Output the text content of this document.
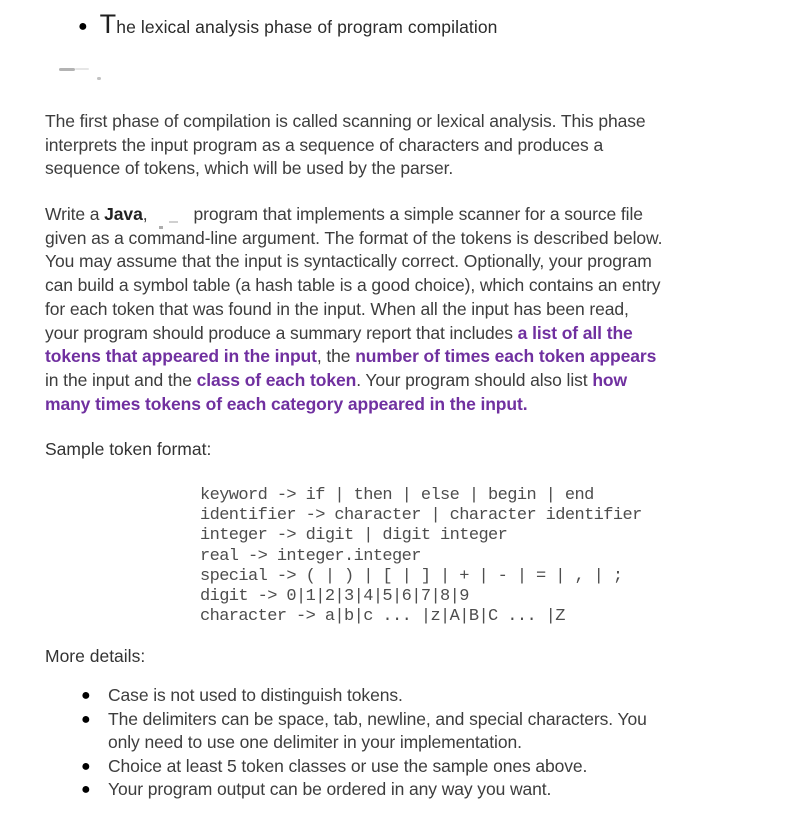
● The lexical analysis phase of program compilation
The first phase of compilation is called scanning or lexical analysis. This phase
interprets the input program as a sequence of characters and produces a
sequence of tokens, which will be used by the parser.
Write a Java,	program that implements a simple scanner for a source file
given as a command-line argument. The format of the tokens is described below.
You may assume that the input is syntactically correct. Optionally, your program
can build a symbol table (a hash table is a good choice), which contains an entry
for each token that was found in the input. When all the input has been read,
your program should produce a summary report that includes a list of all the
tokens that appeared in the input, the number of times each token appears
in the input and the class of each token. Your program should also list how
many times tokens of each category appeared in the input.
Sample token format:
keyword -> if | then | else | begin | end
identifier -> character | character identifier
integer -> digit | digit integer
real -> integer.integer
special -> ( | ) | [ | ] | + | - | = | , | ;
digit -> 0|1|2|3|4|5|6|7|8|9
character -> a|b|c ... |z|A|B|C ... |Z
More details:
● Case is not used to distinguish tokens.
● The delimiters can be space, tab, newline, and special characters. You
only need to use one delimiter in your implementation.
● Choice at least 5 token classes or use the sample ones above.
● Your program output can be ordered in any way you want.
